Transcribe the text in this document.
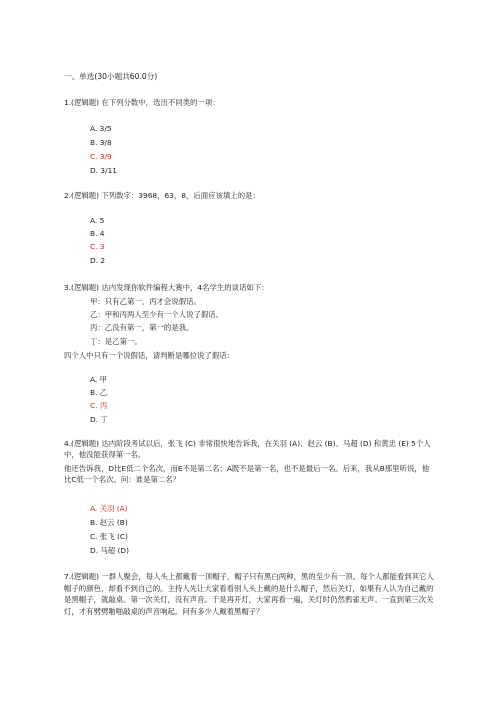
一、单选(30小题共60.0分)
1.(逻辑题) 在下列分数中，选出不同类的一项：
A. 3/5
B. 3/8
C. 3/9
D. 3/11
2.(逻辑题) 下列数字：3968，63，8，后面应该填上的是：
A. 5
B. 4
C. 3
D. 2
3.(逻辑题) 达内发现你软件编程大赛中，4名学生的谈话如下：
甲：只有乙第一，丙才会说假话。
乙：甲和丙两人至少有一个人说了假话。
丙：乙没有第一，第一的是我。
丁：是乙第一。
四个人中只有一个说假话，请判断是哪位说了假话：
A. 甲
B. 乙
C. 丙
D. 丁
4.(逻辑题) 达内阶段考试以后，张飞 (C) 非常很快地告诉我，在关羽 (A)、赵云 (B)、马超 (D) 和黄忠 (E) 5个人中，他没能获得第一名。
他还告诉我，D比E低二个名次，而E不是第二名；A既不是第一名，也不是最后一名。后来，我从B那里听说，他比C低一个名次。问：谁是第二名？
A. 关羽 (A)
B. 赵云 (B)
C. 张飞 (C)
D. 马超 (D)
7.(逻辑题) 一群人聚会，每人头上都戴着一顶帽子，帽子只有黑白两种，黑的至少有一顶。每个人都能看到其它人帽子的颜色，却看不到自己的。主持人先让大家看看别人头上戴的是什么帽子，然后关灯，如果有人认为自己戴的是黑帽子，就敲桌。第一次关灯，没有声音。于是再开灯，大家再看一遍，关灯时仍然鸦雀无声。一直到第三次关灯，才有劈劈啪啪敲桌的声音响起。问有多少人戴着黑帽子？
